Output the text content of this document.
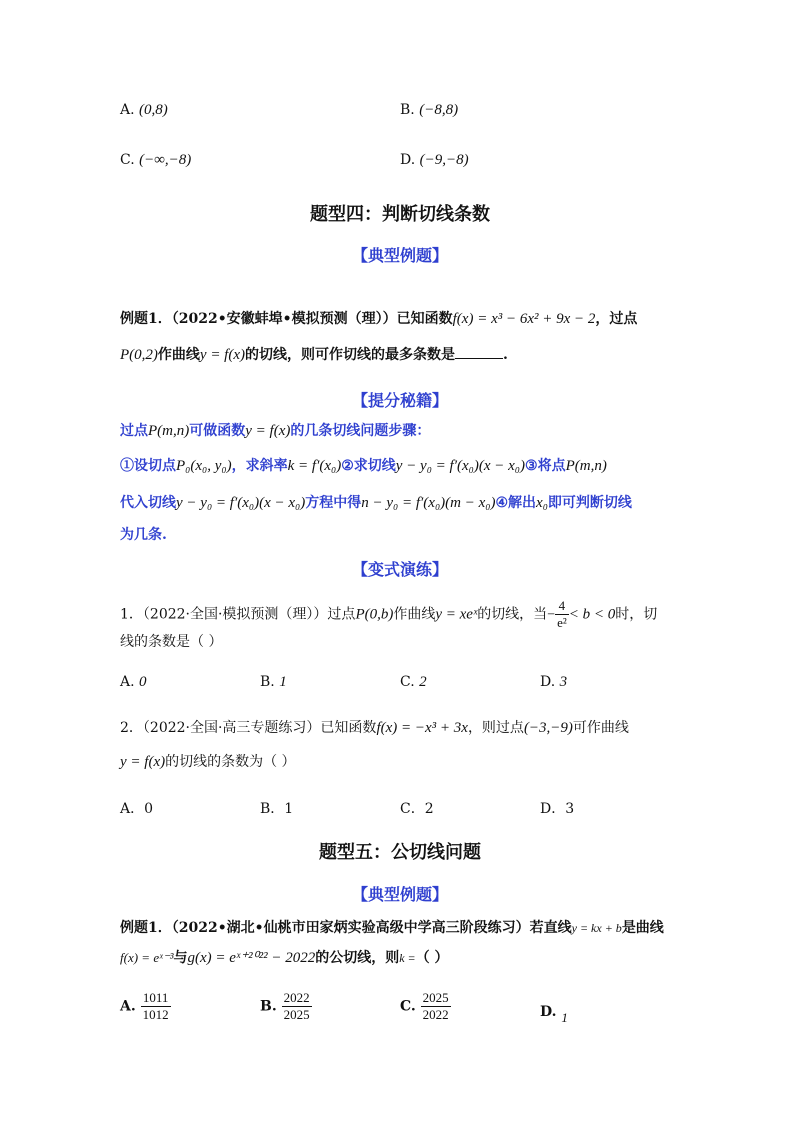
A. (0,8)	B. (−8,8)
C. (−∞,−8)	D. (−9,−8)
题型四：判断切线条数
【典型例题】
例题1．（2022•安徽蚌埠•模拟预测（理））已知函数f(x) = x³ − 6x² + 9x − 2，过点
P(0,2)作曲线y = f(x)的切线，则可作切线的最多条数是	.
【提分秘籍】
过点P(m,n)可做函数y = f(x)的几条切线问题步骤：
①设切点P₀(x₀, y₀)，求斜率k = f′(x₀)②求切线y − y₀ = f′(x₀)(x − x₀)③将点P(m,n)
代入切线y − y₀ = f′(x₀)(x − x₀)方程中得n − y₀ = f′(x₀)(m − x₀)④解出x₀即可判断切线
为几条.
【变式演练】
1．（2022·全国·模拟预测（理））过点P(0,b)作曲线y = xeˣ的切线，当− $\frac{4}{\text{e²}} < b < 0$时，切
线的条数是（ ）
A. 0	B. 1	C. 2	D. 3
2．（2022·全国·高三专题练习）已知函数f(x) = −x³ + 3x，则过点(−3,−9)可作曲线
y = f(x)的切线的条数为（ ）
A．0	B．1	C．2	D．3
题型五：公切线问题
【典型例题】
例题1．（2022•湖北•仙桃市田家炳实验高级中学高三阶段练习）若直线y = kx + b是曲线
f(x) = eˣ⁻³与g(x) = eˣ⁺²⁰²² − 2022的公切线，则k =（ ）
A. $\frac{1011}{1012}$	B. $\frac{2022}{2025}$	C. $\frac{2025}{2022}$	D. 1
